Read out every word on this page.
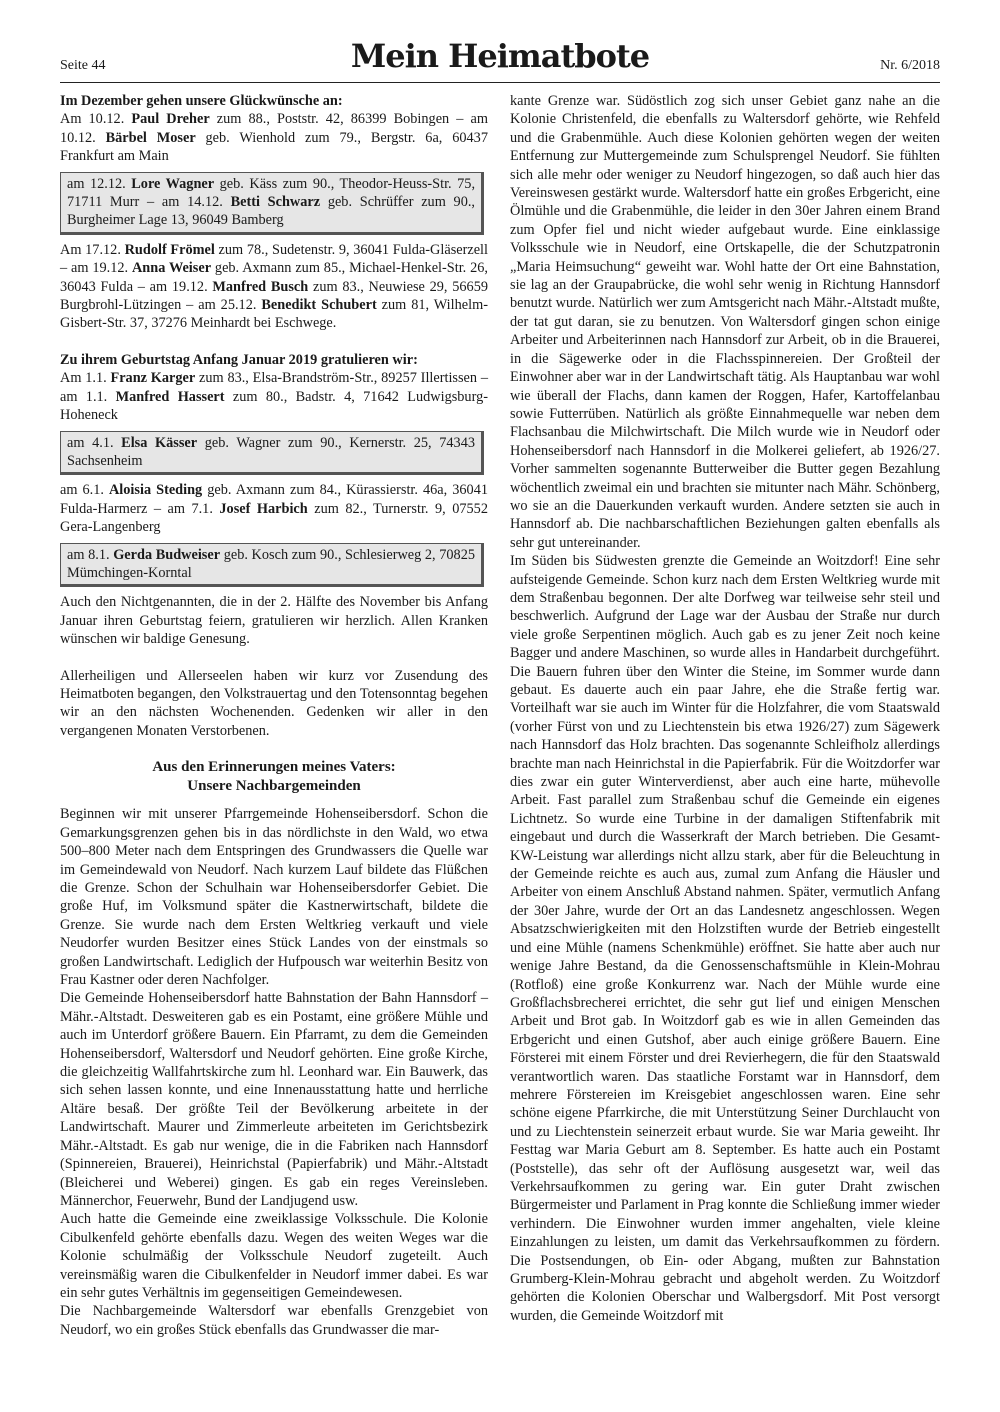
Seite 44	Mein Heimatbote	Nr. 6/2018

Im Dezember gehen unsere Glückwünsche an:

Am 10.12. Paul Dreher zum 88., Poststr. 42, 86399 Bobingen – am 10.12. Bärbel Moser geb. Wienhold zum 79., Bergstr. 6a, 60437 Frankfurt am Main

am 12.12. Lore Wagner geb. Käss zum 90., Theodor-Heuss-Str. 75, 71711 Murr – am 14.12. Betti Schwarz geb. Schrüffer zum 90., Burgheimer Lage 13, 96049 Bamberg

Am 17.12. Rudolf Frömel zum 78., Sudetenstr. 9, 36041 Fulda-Gläserzell – am 19.12. Anna Weiser geb. Axmann zum 85., Michael-Henkel-Str. 26, 36043 Fulda – am 19.12. Manfred Busch zum 83., Neuwiese 29, 56659 Burgbrohl-Lützingen – am 25.12. Benedikt Schubert zum 81, Wilhelm-Gisbert-Str. 37, 37276 Meinhardt bei Eschwege.

Zu ihrem Geburtstag Anfang Januar 2019 gratulieren wir:

Am 1.1. Franz Karger zum 83., Elsa-Brandström-Str., 89257 Illertissen – am 1.1. Manfred Hassert zum 80., Badstr. 4, 71642 Ludwigsburg-Hoheneck

am 4.1. Elsa Kässer geb. Wagner zum 90., Kernerstr. 25, 74343 Sachsenheim

am 6.1. Aloisia Steding geb. Axmann zum 84., Kürassierstr. 46a, 36041 Fulda-Harmerz – am 7.1. Josef Harbich zum 82., Turnerstr. 9, 07552 Gera-Langenberg

am 8.1. Gerda Budweiser geb. Kosch zum 90., Schlesierweg 2, 70825 Mümchingen-Korntal

Auch den Nichtgenannten, die in der 2. Hälfte des November bis Anfang Januar ihren Geburtstag feiern, gratulieren wir herzlich. Allen Kranken wünschen wir baldige Genesung.

Allerheiligen und Allerseelen haben wir kurz vor Zusendung des Heimatboten begangen, den Volkstrauertag und den Totensonntag begehen wir an den nächsten Wochenenden. Gedenken wir aller in den vergangenen Monaten Verstorbenen.

Aus den Erinnerungen meines Vaters:
Unsere Nachbargemeinden

Beginnen wir mit unserer Pfarrgemeinde Hohenseibersdorf. Schon die Gemarkungsgrenzen gehen bis in das nördlichste in den Wald, wo etwa 500–800 Meter nach dem Entspringen des Grundwassers die Quelle war im Gemeindewald von Neudorf. Nach kurzem Lauf bildete das Flüßchen die Grenze. Schon der Schulhain war Hohenseibersdorfer Gebiet. Die große Huf, im Volksmund später die Kastnerwirtschaft, bildete die Grenze. Sie wurde nach dem Ersten Weltkrieg verkauft und viele Neudorfer wurden Besitzer eines Stück Landes von der einstmals so großen Landwirtschaft. Lediglich der Hufpousch war weiterhin Besitz von Frau Kastner oder deren Nachfolger.

Die Gemeinde Hohenseibersdorf hatte Bahnstation der Bahn Hannsdorf – Mähr.-Altstadt. Desweiteren gab es ein Postamt, eine größere Mühle und auch im Unterdorf größere Bauern. Ein Pfarramt, zu dem die Gemeinden Hohenseibersdorf, Waltersdorf und Neudorf gehörten. Eine große Kirche, die gleichzeitig Wallfahrtskirche zum hl. Leonhard war. Ein Bauwerk, das sich sehen lassen konnte, und eine Innenausstattung hatte und herrliche Altäre besaß. Der größte Teil der Bevölkerung arbeitete in der Landwirtschaft. Maurer und Zimmerleute arbeiteten im Gerichtsbezirk Mähr.-Altstadt. Es gab nur wenige, die in die Fabriken nach Hannsdorf (Spinnereien, Brauerei), Heinrichstal (Papierfabrik) und Mähr.-Altstadt (Bleicherei und Weberei) gingen. Es gab ein reges Vereinsleben. Männerchor, Feuerwehr, Bund der Landjugend usw.

Auch hatte die Gemeinde eine zweiklassige Volksschule. Die Kolonie Cibulkenfeld gehörte ebenfalls dazu. Wegen des weiten Weges war die Kolonie schulmäßig der Volksschule Neudorf zugeteilt. Auch vereinsmäßig waren die Cibulkenfelder in Neudorf immer dabei. Es war ein sehr gutes Verhältnis im gegenseitigen Gemeindewesen.

Die Nachbargemeinde Waltersdorf war ebenfalls Grenzgebiet von Neudorf, wo ein großes Stück ebenfalls das Grundwasser die mar-

kante Grenze war. Südöstlich zog sich unser Gebiet ganz nahe an die Kolonie Christenfeld, die ebenfalls zu Waltersdorf gehörte, wie Rehfeld und die Grabenmühle. Auch diese Kolonien gehörten wegen der weiten Entfernung zur Muttergemeinde zum Schulsprengel Neudorf. Sie fühlten sich alle mehr oder weniger zu Neudorf hingezogen, so daß auch hier das Vereinswesen gestärkt wurde. Waltersdorf hatte ein großes Erbgericht, eine Ölmühle und die Grabenmühle, die leider in den 30er Jahren einem Brand zum Opfer fiel und nicht wieder aufgebaut wurde. Eine einklassige Volksschule wie in Neudorf, eine Ortskapelle, die der Schutzpatronin „Maria Heimsuchung“ geweiht war. Wohl hatte der Ort eine Bahnstation, sie lag an der Graupabrücke, die wohl sehr wenig in Richtung Hannsdorf benutzt wurde. Natürlich wer zum Amtsgericht nach Mähr.-Altstadt mußte, der tat gut daran, sie zu benutzen. Von Waltersdorf gingen schon einige Arbeiter und Arbeiterinnen nach Hannsdorf zur Arbeit, ob in die Brauerei, in die Sägewerke oder in die Flachsspinnereien. Der Großteil der Einwohner aber war in der Landwirtschaft tätig. Als Hauptanbau war wohl wie überall der Flachs, dann kamen der Roggen, Hafer, Kartoffelanbau sowie Futterrüben. Natürlich als größte Einnahmequelle war neben dem Flachsanbau die Milchwirtschaft. Die Milch wurde wie in Neudorf oder Hohenseibersdorf nach Hannsdorf in die Molkerei geliefert, ab 1926/27. Vorher sammelten sogenannte Butterweiber die Butter gegen Bezahlung wöchentlich zweimal ein und brachten sie mitunter nach Mähr. Schönberg, wo sie an die Dauerkunden verkauft wurden. Andere setzten sie auch in Hannsdorf ab. Die nachbarschaftlichen Beziehungen galten ebenfalls als sehr gut untereinander.

Im Süden bis Südwesten grenzte die Gemeinde an Woitzdorf! Eine sehr aufsteigende Gemeinde. Schon kurz nach dem Ersten Weltkrieg wurde mit dem Straßenbau begonnen. Der alte Dorfweg war teilweise sehr steil und beschwerlich. Aufgrund der Lage war der Ausbau der Straße nur durch viele große Serpentinen möglich. Auch gab es zu jener Zeit noch keine Bagger und andere Maschinen, so wurde alles in Handarbeit durchgeführt. Die Bauern fuhren über den Winter die Steine, im Sommer wurde dann gebaut. Es dauerte auch ein paar Jahre, ehe die Straße fertig war. Vorteilhaft war sie auch im Winter für die Holzfahrer, die vom Staatswald (vorher Fürst von und zu Liechtenstein bis etwa 1926/27) zum Sägewerk nach Hannsdorf das Holz brachten. Das sogenannte Schleifholz allerdings brachte man nach Heinrichstal in die Papierfabrik. Für die Woitzdorfer war dies zwar ein guter Winterverdienst, aber auch eine harte, mühevolle Arbeit. Fast parallel zum Straßenbau schuf die Gemeinde ein eigenes Lichtnetz. So wurde eine Turbine in der damaligen Stiftenfabrik mit eingebaut und durch die Wasserkraft der March betrieben. Die Gesamt-KW-Leistung war allerdings nicht allzu stark, aber für die Beleuchtung in der Gemeinde reichte es auch aus, zumal zum Anfang die Häusler und Arbeiter von einem Anschluß Abstand nahmen. Später, vermutlich Anfang der 30er Jahre, wurde der Ort an das Landesnetz angeschlossen. Wegen Absatzschwierigkeiten mit den Holzstiften wurde der Betrieb eingestellt und eine Mühle (namens Schenkmühle) eröffnet. Sie hatte aber auch nur wenige Jahre Bestand, da die Genossenschaftsmühle in Klein-Mohrau (Rotfloß) eine große Konkurrenz war. Nach der Mühle wurde eine Großflachsbrecherei errichtet, die sehr gut lief und einigen Menschen Arbeit und Brot gab. In Woitzdorf gab es wie in allen Gemeinden das Erbgericht und einen Gutshof, aber auch einige größere Bauern. Eine Försterei mit einem Förster und drei Revierhegern, die für den Staatswald verantwortlich waren. Das staatliche Forstamt war in Hannsdorf, dem mehrere Förstereien im Kreisgebiet angeschlossen waren. Eine sehr schöne eigene Pfarrkirche, die mit Unterstützung Seiner Durchlaucht von und zu Liechtenstein seinerzeit erbaut wurde. Sie war Maria geweiht. Ihr Festtag war Maria Geburt am 8. September. Es hatte auch ein Postamt (Poststelle), das sehr oft der Auflösung ausgesetzt war, weil das Verkehrsaufkommen zu gering war. Ein guter Draht zwischen Bürgermeister und Parlament in Prag konnte die Schließung immer wieder verhindern. Die Einwohner wurden immer angehalten, viele kleine Einzahlungen zu leisten, um damit das Verkehrsaufkommen zu fördern. Die Postsendungen, ob Ein- oder Abgang, mußten zur Bahnstation Grumberg-Klein-Mohrau gebracht und abgeholt werden. Zu Woitzdorf gehörten die Kolonien Oberschar und Walbergsdorf. Mit Post versorgt wurden, die Gemeinde Woitzdorf mit
